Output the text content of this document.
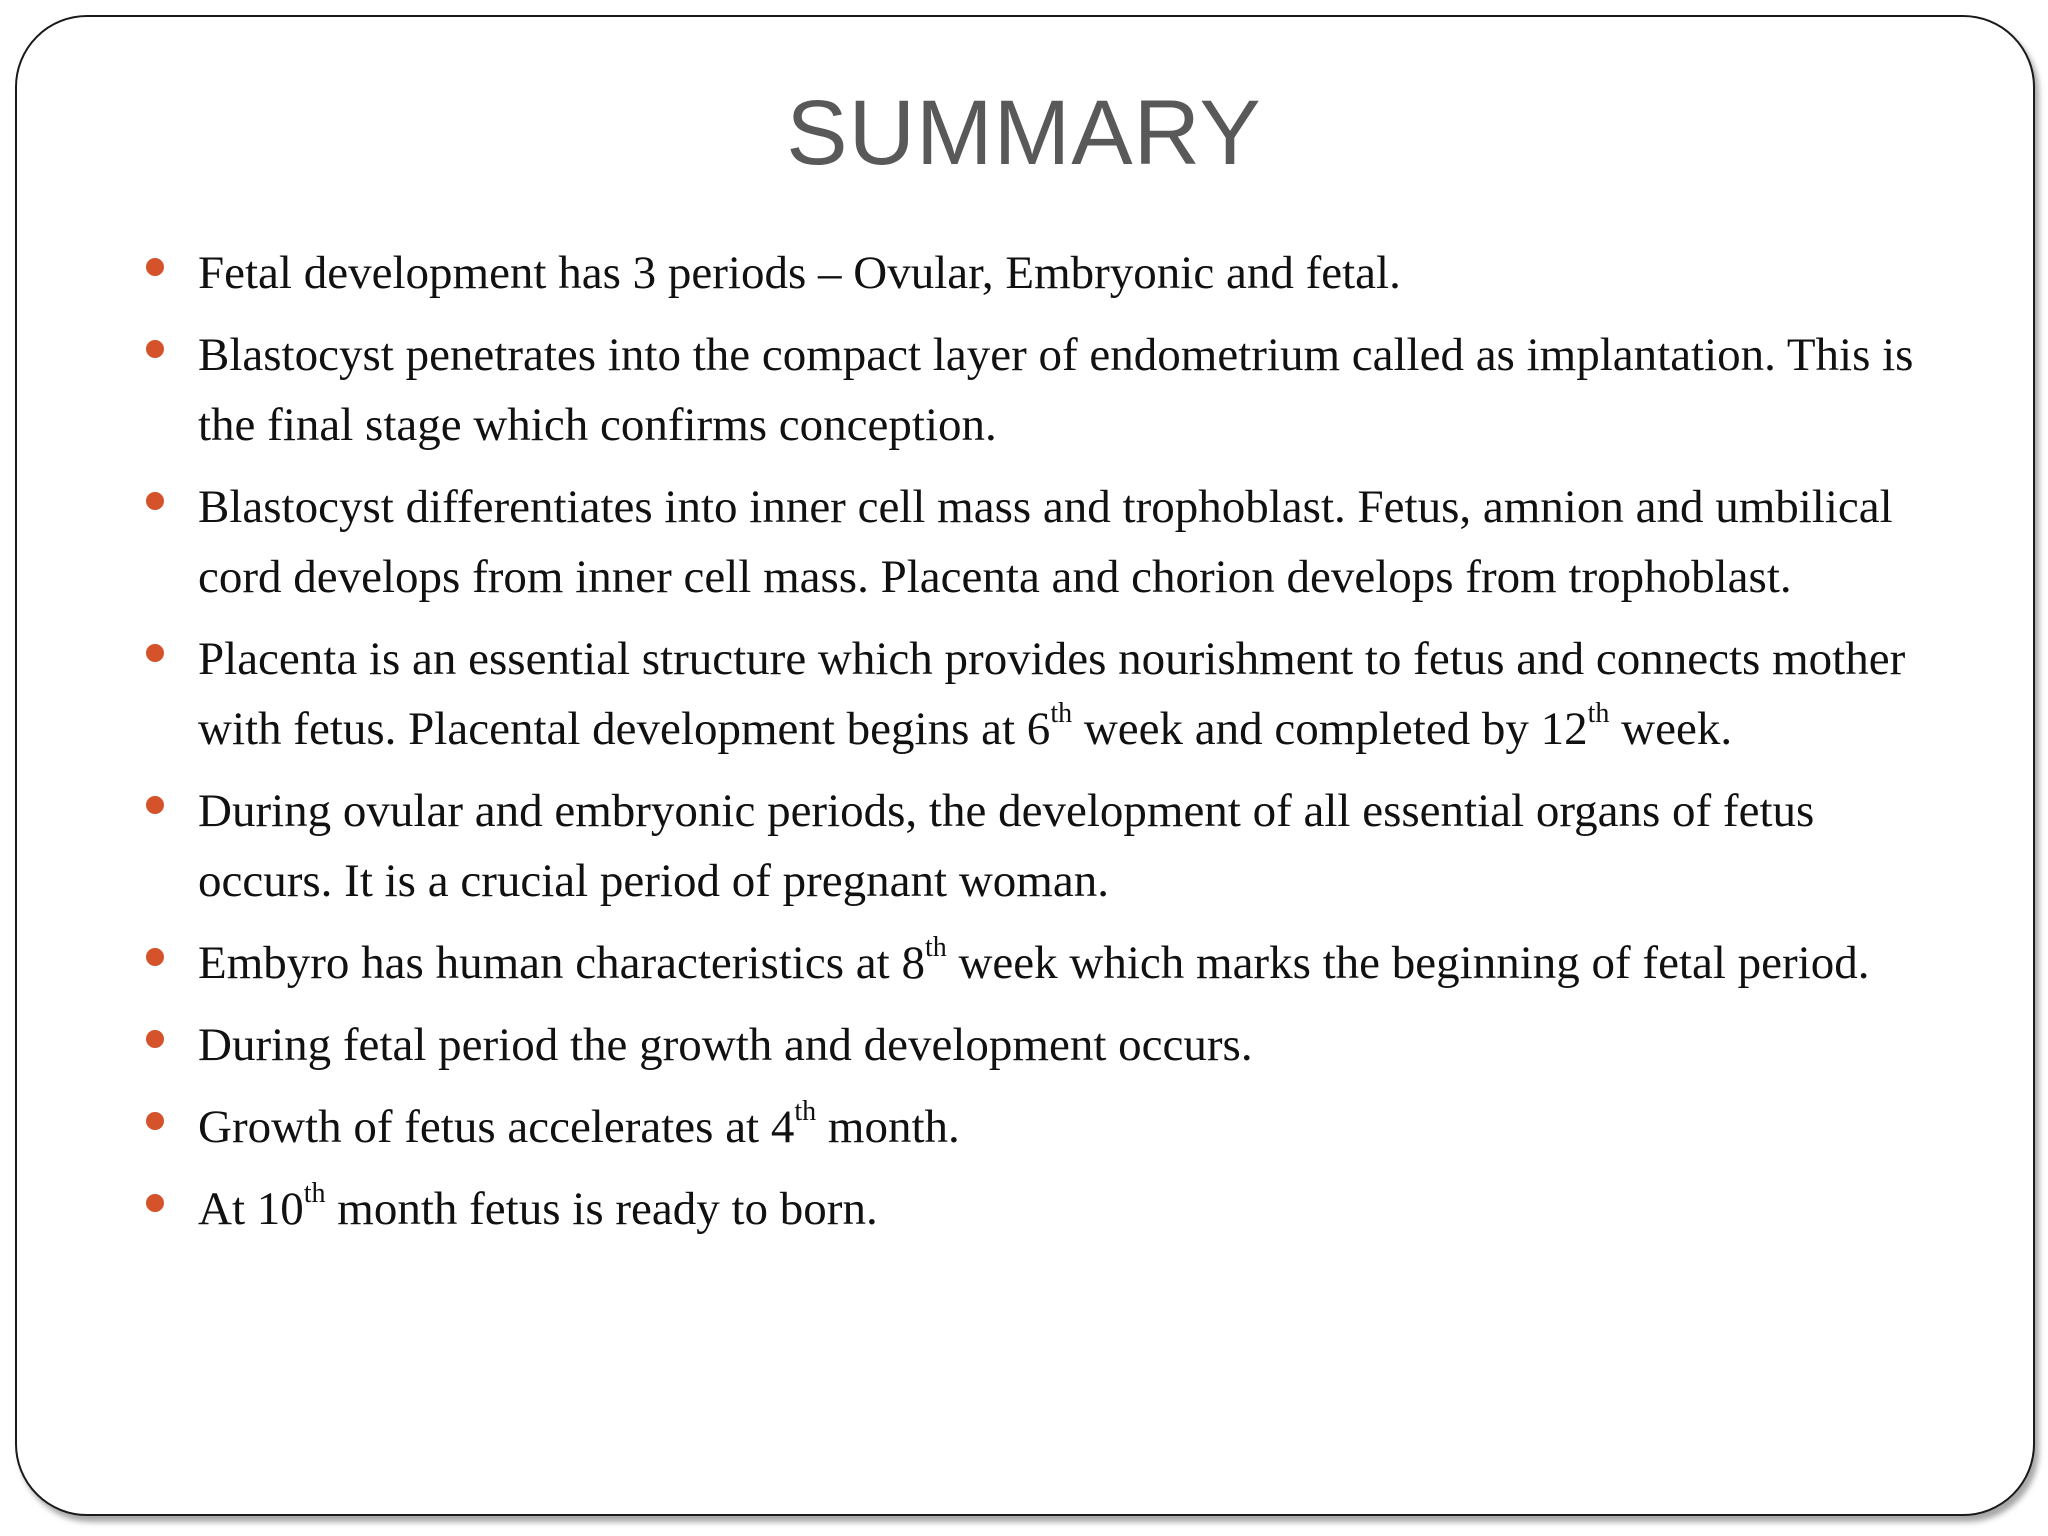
SUMMARY
Fetal development has 3 periods – Ovular, Embryonic and fetal.
Blastocyst penetrates into the compact layer of endometrium called as implantation. This is the final stage which confirms conception.
Blastocyst differentiates into inner cell mass and trophoblast. Fetus, amnion and umbilical cord develops from inner cell mass. Placenta and chorion develops from trophoblast.
Placenta is an essential structure which provides nourishment to fetus and connects mother with fetus. Placental development begins at 6th week and completed by 12th week.
During ovular and embryonic periods, the development of all essential organs of fetus occurs. It is a crucial period of pregnant woman.
Embyro has human characteristics at 8th week which marks the beginning of fetal period.
During fetal period the growth and development occurs.
Growth of fetus accelerates at 4th month.
At 10th month fetus is ready to born.
